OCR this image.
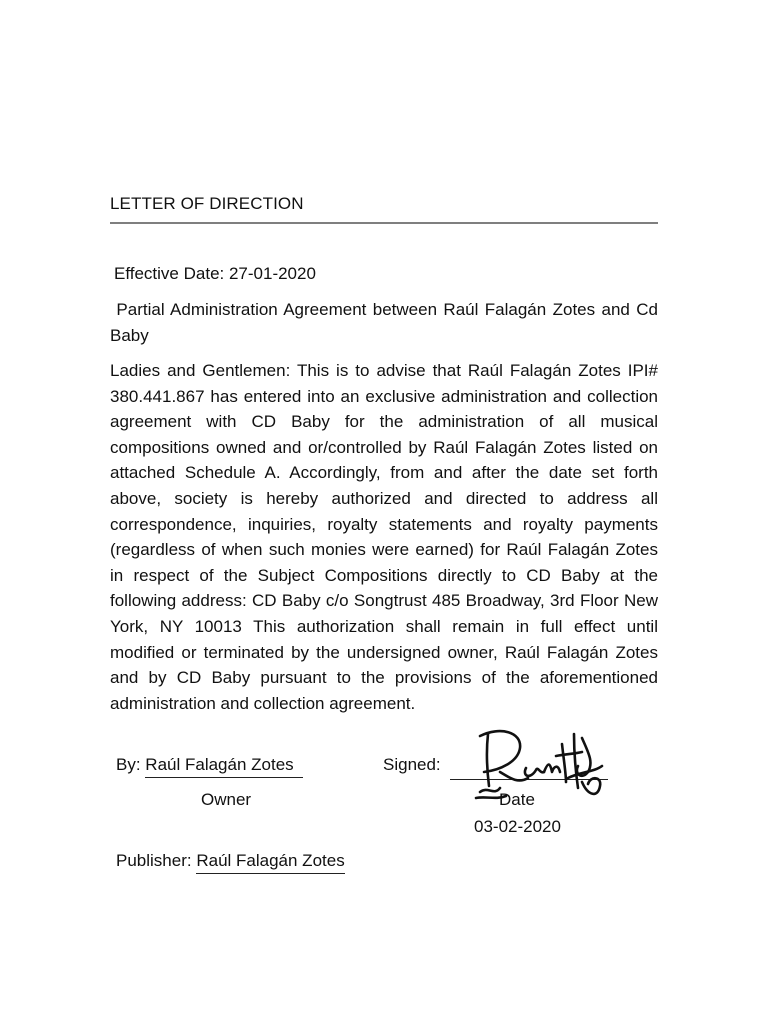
LETTER OF DIRECTION
Effective Date: 27-01-2020
Partial Administration Agreement between Raúl Falagán Zotes and Cd Baby
Ladies and Gentlemen: This is to advise that Raúl Falagán Zotes IPI# 380.441.867 has entered into an exclusive administration and collection agreement with CD Baby for the administration of all musical compositions owned and or/controlled by Raúl Falagán Zotes listed on attached Schedule A. Accordingly, from and after the date set forth above, society is hereby authorized and directed to address all correspondence, inquiries, royalty statements and royalty payments (regardless of when such monies were earned) for Raúl Falagán Zotes in respect of the Subject Compositions directly to CD Baby at the following address: CD Baby c/o Songtrust 485 Broadway, 3rd Floor New York, NY 10013 This authorization shall remain in full effect until modified or terminated by the undersigned owner, Raúl Falagán Zotes and by CD Baby pursuant to the provisions of the aforementioned administration and collection agreement.
By: Raúl Falagán Zotes	Signed:
Owner	Date
03-02-2020
Publisher: Raúl Falagán Zotes
